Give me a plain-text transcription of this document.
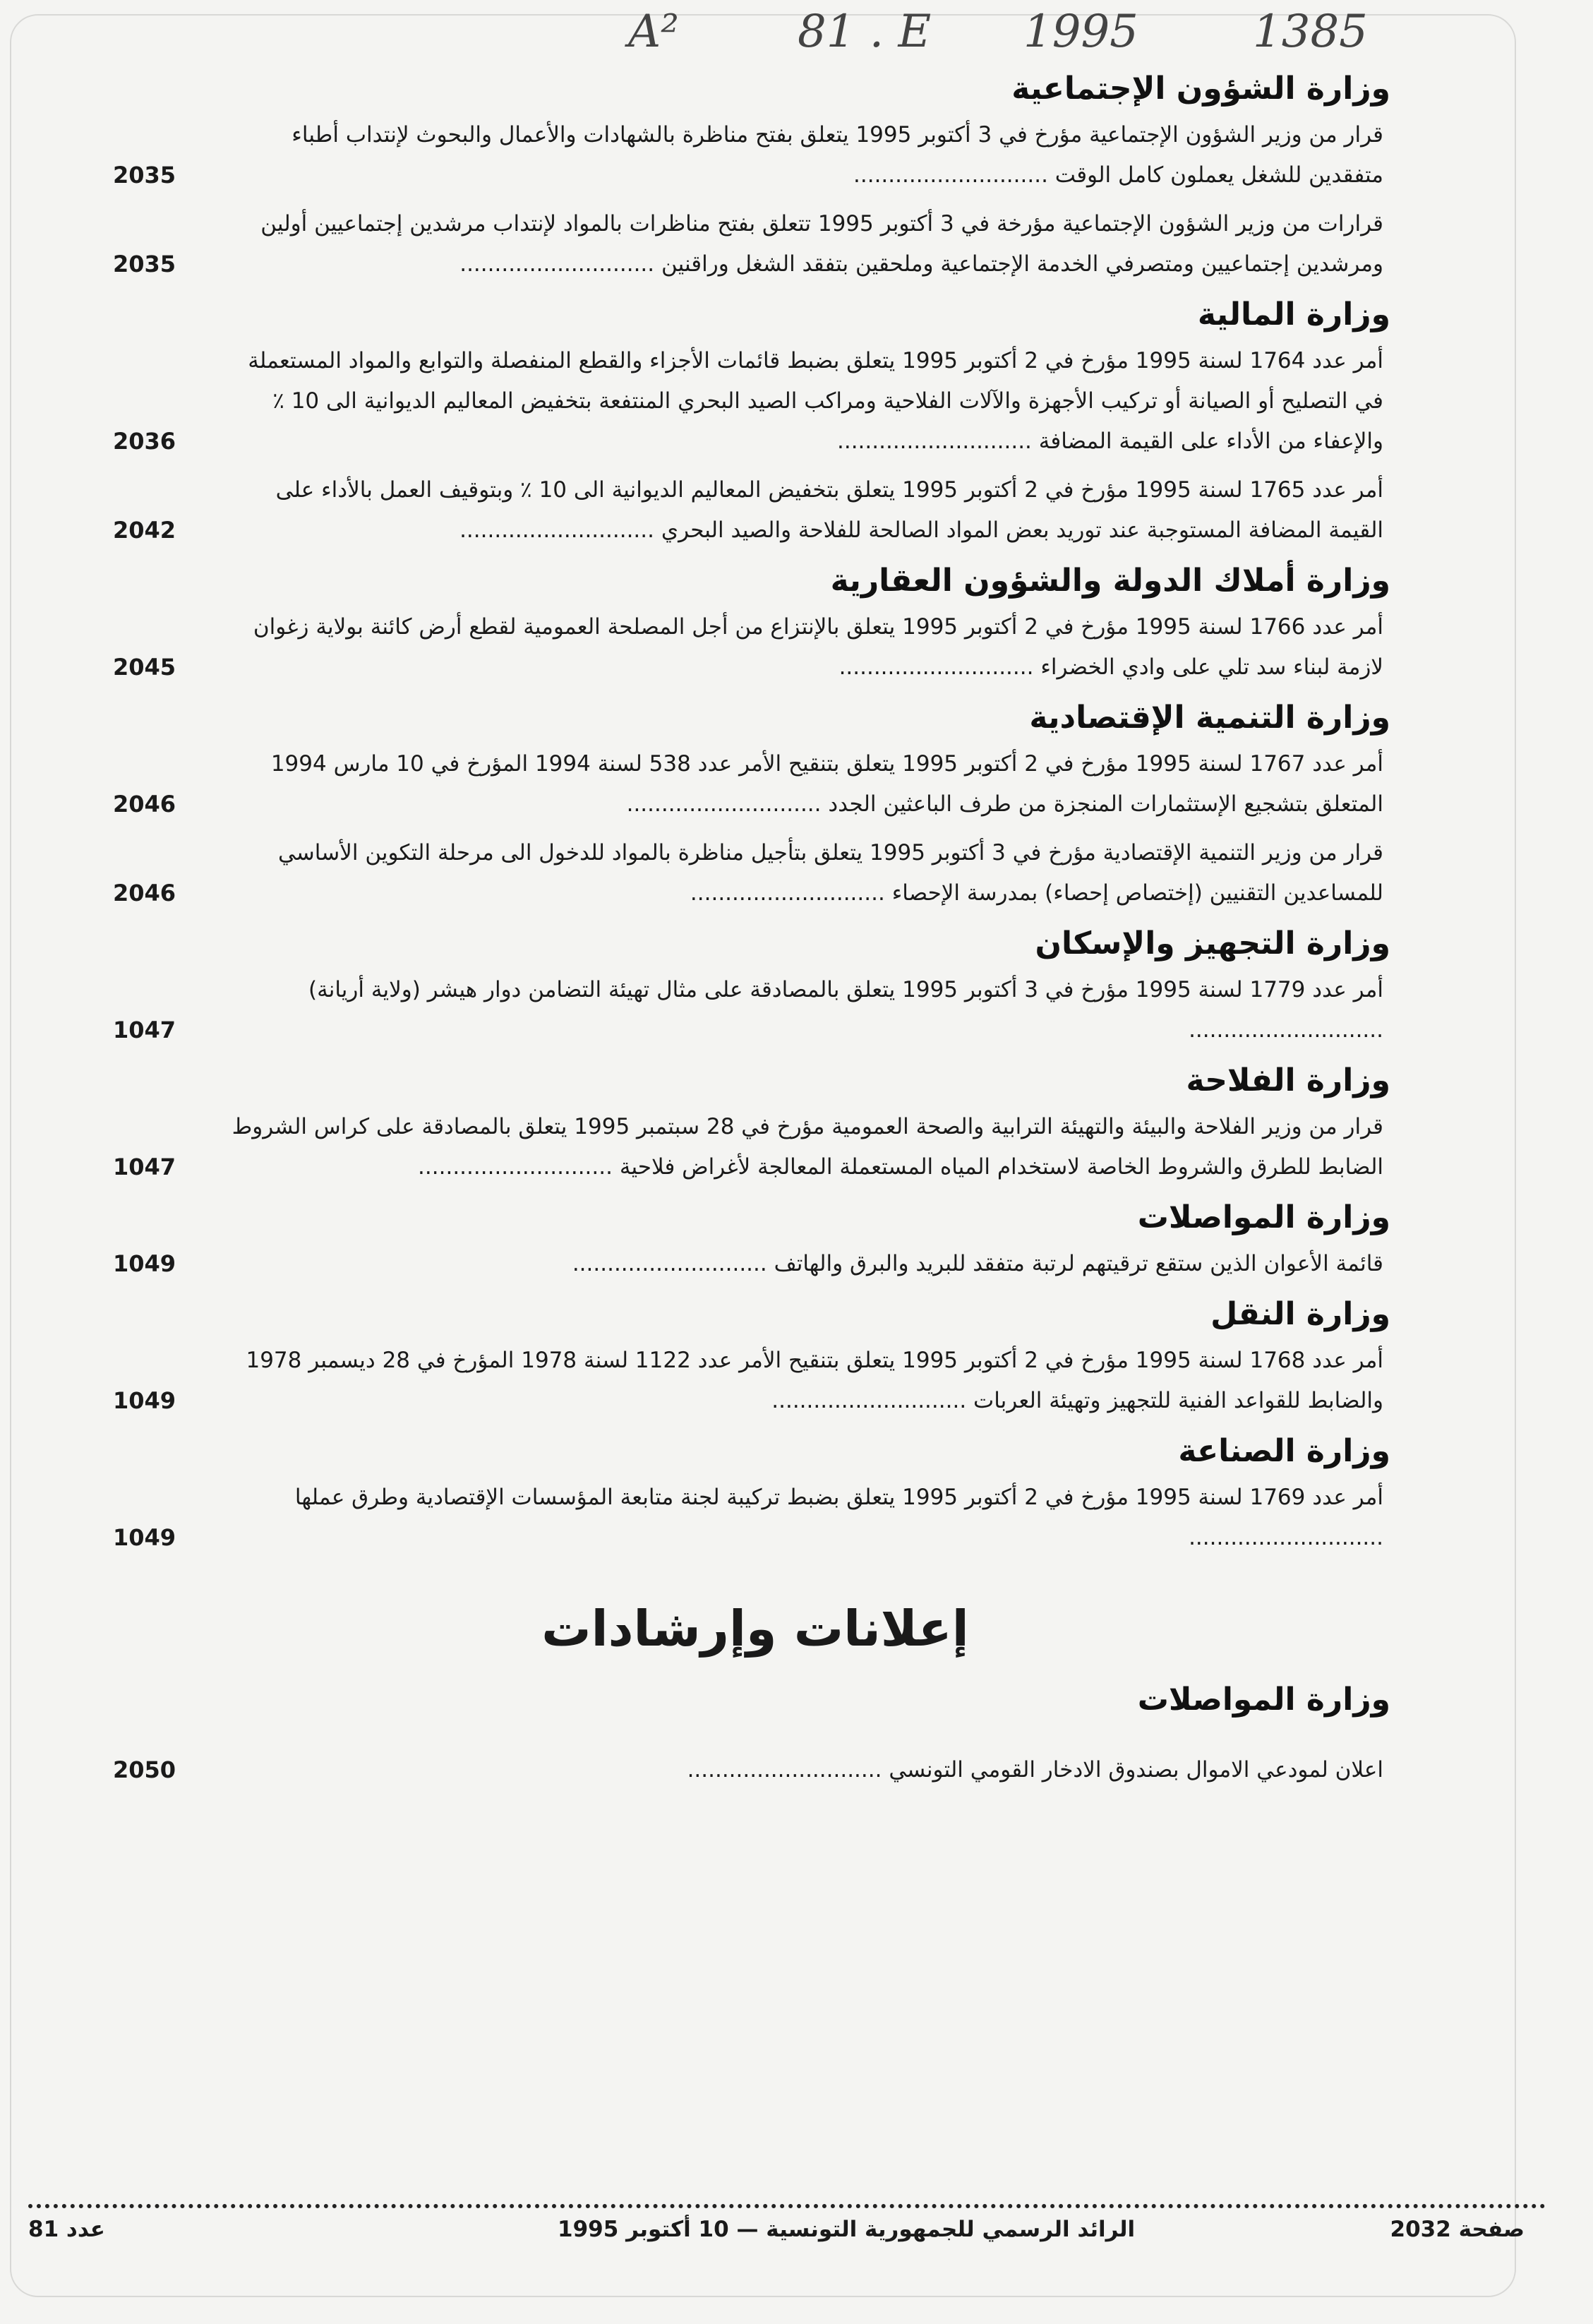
A²	81 . E 1995	1385
وزارة الشؤون الإجتماعية
قرار من وزير الشؤون الإجتماعية مؤرخ في 3 أكتوبر 1995 يتعلق بفتح مناظرة بالشهادات والأعمال والبحوث لإنتداب أطباء متفقدين للشغل يعملون كامل الوقت ............................
2035
قرارات من وزير الشؤون الإجتماعية مؤرخة في 3 أكتوبر 1995 تتعلق بفتح مناظرات بالمواد لإنتداب مرشدين إجتماعيين أولين ومرشدين إجتماعيين ومتصرفي الخدمة الإجتماعية وملحقين بتفقد الشغل وراقنين ............................
2035
وزارة المالية
أمر عدد 1764 لسنة 1995 مؤرخ في 2 أكتوبر 1995 يتعلق بضبط قائمات الأجزاء والقطع المنفصلة والتوابع والمواد المستعملة في التصليح أو الصيانة أو تركيب الأجهزة والآلات الفلاحية ومراكب الصيد البحري المنتفعة بتخفيض المعاليم الديوانية الى 10 ٪ والإعفاء من الأداء على القيمة المضافة ............................
2036
أمر عدد 1765 لسنة 1995 مؤرخ في 2 أكتوبر 1995 يتعلق بتخفيض المعاليم الديوانية الى 10 ٪ وبتوقيف العمل بالأداء على القيمة المضافة المستوجبة عند توريد بعض المواد الصالحة للفلاحة والصيد البحري ............................
2042
وزارة أملاك الدولة والشؤون العقارية
أمر عدد 1766 لسنة 1995 مؤرخ في 2 أكتوبر 1995 يتعلق بالإنتزاع من أجل المصلحة العمومية لقطع أرض كائنة بولاية زغوان لازمة لبناء سد تلي على وادي الخضراء ............................
2045
وزارة التنمية الإقتصادية
أمر عدد 1767 لسنة 1995 مؤرخ في 2 أكتوبر 1995 يتعلق بتنقيح الأمر عدد 538 لسنة 1994 المؤرخ في 10 مارس 1994 المتعلق بتشجيع الإستثمارات المنجزة من طرف الباعثين الجدد ............................
2046
قرار من وزير التنمية الإقتصادية مؤرخ في 3 أكتوبر 1995 يتعلق بتأجيل مناظرة بالمواد للدخول الى مرحلة التكوين الأساسي للمساعدين التقنيين (إختصاص إحصاء) بمدرسة الإحصاء ............................
2046
وزارة التجهيز والإسكان
أمر عدد 1779 لسنة 1995 مؤرخ في 3 أكتوبر 1995 يتعلق بالمصادقة على مثال تهيئة التضامن دوار هيشر (ولاية أريانة) ............................
1047
وزارة الفلاحة
قرار من وزير الفلاحة والبيئة والتهيئة الترابية والصحة العمومية مؤرخ في 28 سبتمبر 1995 يتعلق بالمصادقة على كراس الشروط الضابط للطرق والشروط الخاصة لاستخدام المياه المستعملة المعالجة لأغراض فلاحية ............................
1047
وزارة المواصلات
قائمة الأعوان الذين ستقع ترقيتهم لرتبة متفقد للبريد والبرق والهاتف ............................
1049
وزارة النقل
أمر عدد 1768 لسنة 1995 مؤرخ في 2 أكتوبر 1995 يتعلق بتنقيح الأمر عدد 1122 لسنة 1978 المؤرخ في 28 ديسمبر 1978 والضابط للقواعد الفنية للتجهيز وتهيئة العربات ............................
1049
وزارة الصناعة
أمر عدد 1769 لسنة 1995 مؤرخ في 2 أكتوبر 1995 يتعلق بضبط تركيبة لجنة متابعة المؤسسات الإقتصادية وطرق عملها ............................
1049
إعلانات وإرشادات
وزارة المواصلات
اعلان لمودعي الاموال بصندوق الادخار القومي التونسي ............................
2050
صفحة 2032
الرائد الرسمي للجمهورية التونسية — 10 أكتوبر 1995
عدد 81
